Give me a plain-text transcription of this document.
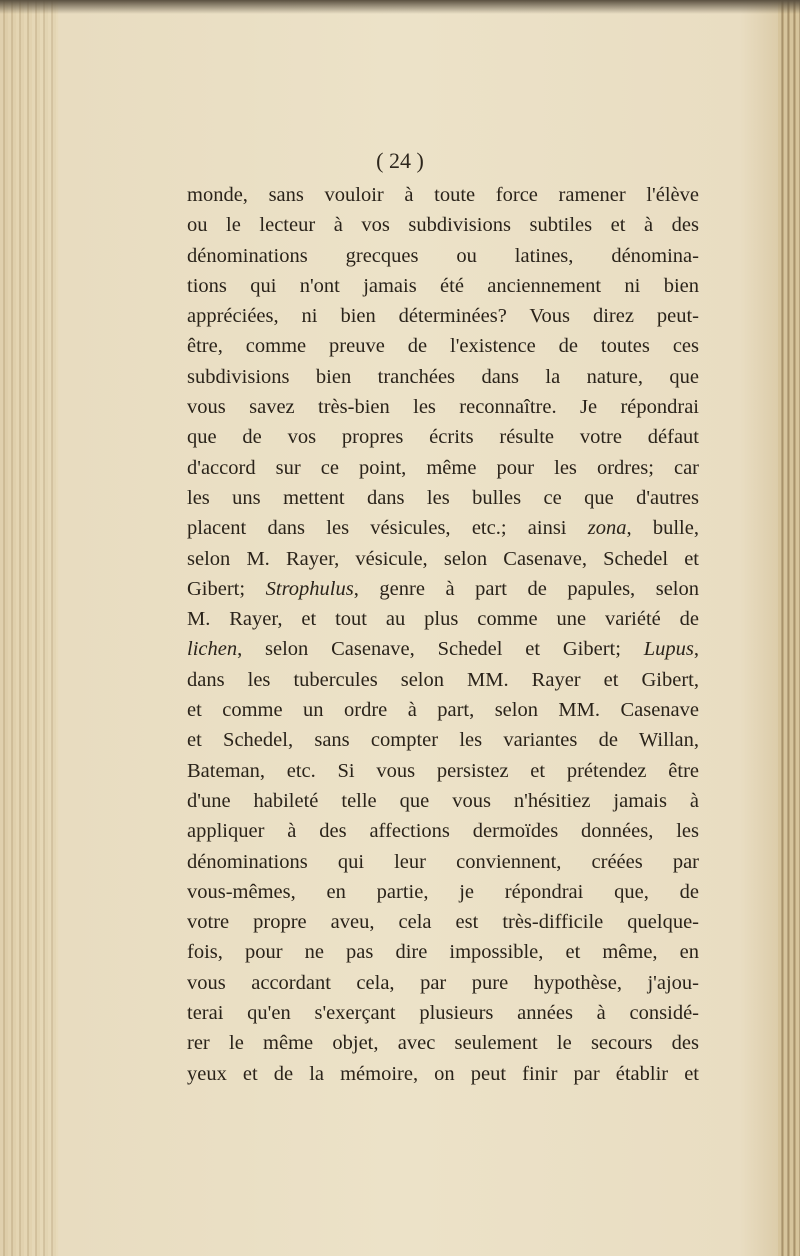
( 24 )
monde, sans vouloir à toute force ramener l'élève
ou le lecteur à vos subdivisions subtiles et à des
dénominations grecques ou latines, dénomina-
tions qui n'ont jamais été anciennement ni bien
appréciées, ni bien déterminées? Vous direz peut-
être, comme preuve de l'existence de toutes ces
subdivisions bien tranchées dans la nature, que
vous savez très-bien les reconnaître. Je répondrai
que de vos propres écrits résulte votre défaut
d'accord sur ce point, même pour les ordres; car
les uns mettent dans les bulles ce que d'autres
placent dans les vésicules, etc.; ainsi zona, bulle,
selon M. Rayer, vésicule, selon Casenave, Schedel et
Gibert; Strophulus, genre à part de papules, selon
M. Rayer, et tout au plus comme une variété de
lichen, selon Casenave, Schedel et Gibert; Lupus,
dans les tubercules selon MM. Rayer et Gibert,
et comme un ordre à part, selon MM. Casenave
et Schedel, sans compter les variantes de Willan,
Bateman, etc. Si vous persistez et prétendez être
d'une habileté telle que vous n'hésitiez jamais à
appliquer à des affections dermoïdes données, les
dénominations qui leur conviennent, créées par
vous-mêmes, en partie, je répondrai que, de
votre propre aveu, cela est très-difficile quelque-
fois, pour ne pas dire impossible, et même, en
vous accordant cela, par pure hypothèse, j'ajou-
terai qu'en s'exerçant plusieurs années à considé-
rer le même objet, avec seulement le secours des
yeux et de la mémoire, on peut finir par établir et
